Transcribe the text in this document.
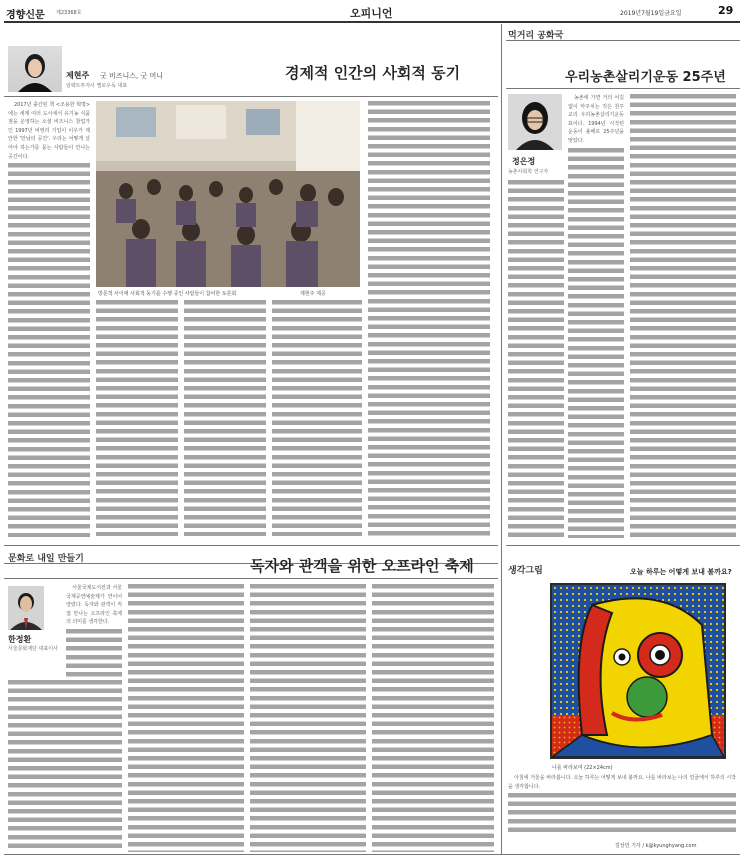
경향신문 제23368호	오피니언	2019년7월19일금요일	29
제현주 굿 비즈니스, 굿 머니
임팩트투자사 옐로우독 대표
경제적 인간의 사회적 동기

2017년 출간된 책 <조용한 혁명>에는 세계 여러 도시에서 유기농 식품점을 운영하는 소셜 비즈니스 창업가인 1997년 비영리 기업이 이우가 제안한 '만남의 공간'. 우리는 어떻게 살아야 하는가를 묻는 사람들이 만나는 공간이다.

방문객 사이에 사회적 동기를 수행 중인 사람들이 참여한 토론회	제현주 제공
먹거리 공화국
우리농촌살리기운동 25주년
정은정
농촌사회학 연구자

농촌에 가면 거의 어김없이 마주치는 것은 천주교의 우리농촌살리기운동 표어다. 1994년 시작된 운동이 올해로 25주년을 맞았다.

문화로 내일 만들기	독자와 관객을 위한 오프라인 축제
한정환
서울문화재단 대표이사

서울국제도서전과 서울국제공연예술제가 연이어 열렸다. 독자와 관객이 직접 만나는 오프라인 축제의 의미를 생각한다.

생각그림	오늘 하루는 어떻게 보내 볼까요?
나를 바라보며 (22×24cm)

아침에 거울을 바라봅니다. 오늘 하루는 어떻게 보내 볼까요. 나를 바라보는 나의 얼굴에서 하루의 시작을 생각합니다.

김상민 기자 / k@kyunghyang.com
